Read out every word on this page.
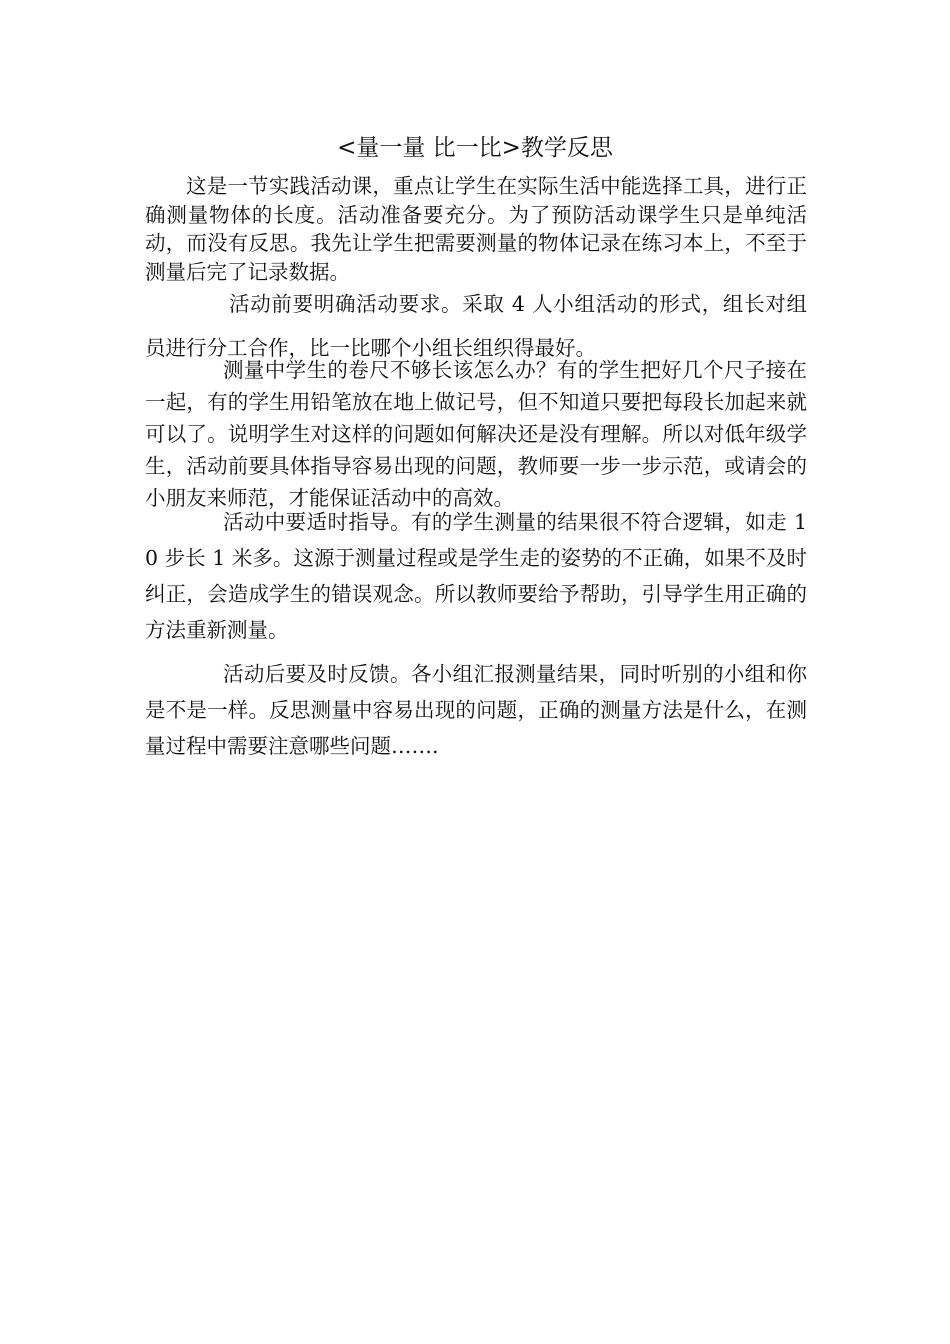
<量一量 比一比>教学反思

这是一节实践活动课，重点让学生在实际生活中能选择工具，进行正确测量物体的长度。活动准备要充分。为了预防活动课学生只是单纯活动，而没有反思。我先让学生把需要测量的物体记录在练习本上，不至于测量后完了记录数据。

活动前要明确活动要求。采取 4 人小组活动的形式，组长对组员进行分工合作，比一比哪个小组长组织得最好。

测量中学生的卷尺不够长该怎么办？有的学生把好几个尺子接在一起，有的学生用铅笔放在地上做记号，但不知道只要把每段长加起来就可以了。说明学生对这样的问题如何解决还是没有理解。所以对低年级学生，活动前要具体指导容易出现的问题，教师要一步一步示范，或请会的小朋友来师范，才能保证活动中的高效。

活动中要适时指导。有的学生测量的结果很不符合逻辑，如走 10 步长 1 米多。这源于测量过程或是学生走的姿势的不正确，如果不及时纠正，会造成学生的错误观念。所以教师要给予帮助，引导学生用正确的方法重新测量。

活动后要及时反馈。各小组汇报测量结果，同时听别的小组和你是不是一样。反思测量中容易出现的问题，正确的测量方法是什么，在测量过程中需要注意哪些问题…….
